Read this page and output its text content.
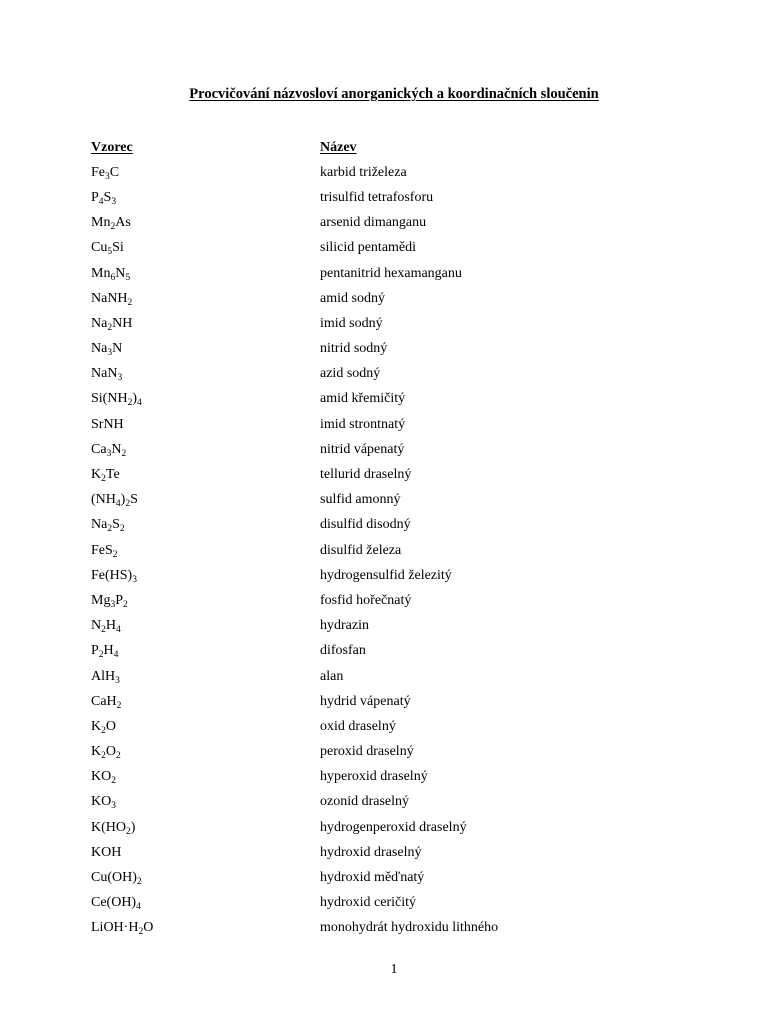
Procvičování názvosloví anorganických a koordinačních sloučenin
Vzorec	Název
$Fe_3C$	karbid triželeza
$P_4S_3$	trisulfid tetrafosforu
$Mn_2As$	arsenid dimanganu
$Cu_5Si$	silicid pentamědi
$Mn_6N_5$	pentanitrid hexamanganu
NaNH$_2$	amid sodný
$Na_2NH$	imid sodný
$Na_3N$	nitrid sodný
NaN$_3$	azid sodný
$Si(NH_2)_4$	amid křemičitý
SrNH	imid strontnatý
$Ca_3N_2$	nitrid vápenatý
$K_2Te$	tellurid draselný
$(NH_4)_2S$	sulfid amonný
$Na_2S_2$	disulfid disodný
FeS$_2$	disulfid železa
$Fe(HS)_3$	hydrogensulfid železitý
$Mg_3P_2$	fosfid hořečnatý
$N_2H_4$	hydrazin
$P_2H_4$	difosfan
AlH$_3$	alan
CaH$_2$	hydrid vápenatý
$K_2O$	oxid draselný
$K_2O_2$	peroxid draselný
$KO_2$	hyperoxid draselný
$KO_3$	ozonid draselný
$K(HO_2)$	hydrogenperoxid draselný
KOH	hydroxid draselný
$Cu(OH)_2$	hydroxid měďnatý
$Ce(OH)_4$	hydroxid ceričitý
$LiOH\cdot H_2O$	monohydrát hydroxidu lithného
1
